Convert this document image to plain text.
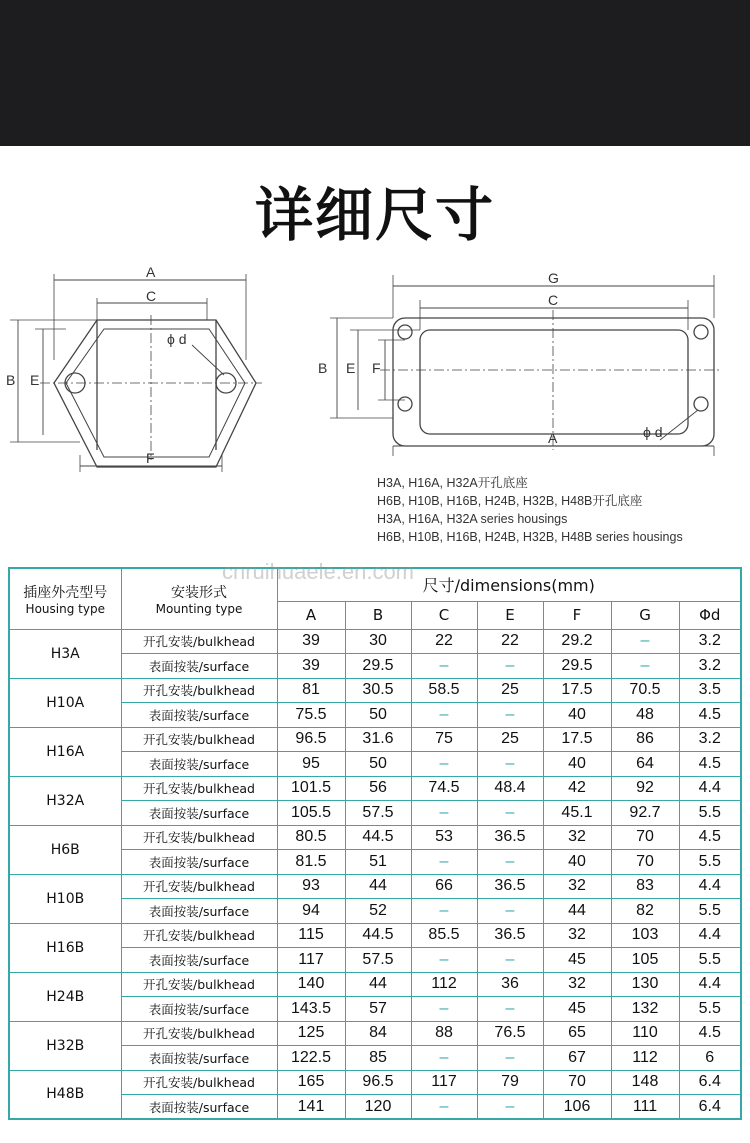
详细尺寸
A
C
B E
F
ϕ d
G
C
A
B E F
ϕ d
H3A, H16A, H32A开孔底座
H6B, H10B, H16B, H24B, H32B, H48B开孔底座
H3A, H16A, H32A series housings
H6B, H10B, H16B, H24B, H32B, H48B series housings
插座外壳型号
Housing type	安装形式
Mounting type	尺寸/dimensions(mm)						
		A	B	C	E	F	G	Φd
H3A	开孔安装/bulkhead	39	30	22	22	29.2	–	3.2
	表面按装/surface	39	29.5	–	–	29.5	–	3.2
H10A	开孔安装/bulkhead	81	30.5	58.5	25	17.5	70.5	3.5
	表面按装/surface	75.5	50	–	–	40	48	4.5
H16A	开孔安装/bulkhead	96.5	31.6	75	25	17.5	86	3.2
	表面按装/surface	95	50	–	–	40	64	4.5
H32A	开孔安装/bulkhead	101.5	56	74.5	48.4	42	92	4.4
	表面按装/surface	105.5	57.5	–	–	45.1	92.7	5.5
H6B	开孔安装/bulkhead	80.5	44.5	53	36.5	32	70	4.5
	表面按装/surface	81.5	51	–	–	40	70	5.5
H10B	开孔安装/bulkhead	93	44	66	36.5	32	83	4.4
	表面按装/surface	94	52	–	–	44	82	5.5
H16B	开孔安装/bulkhead	115	44.5	85.5	36.5	32	103	4.4
	表面按装/surface	117	57.5	–	–	45	105	5.5
H24B	开孔安装/bulkhead	140	44	112	36	32	130	4.4
	表面按装/surface	143.5	57	–	–	45	132	5.5
H32B	开孔安装/bulkhead	125	84	88	76.5	65	110	4.5
	表面按装/surface	122.5	85	–	–	67	112	6
H48B	开孔安装/bulkhead	165	96.5	117	79	70	148	6.4
	表面按装/surface	141	120	–	–	106	111	6.4
cnruihuaele.en.com
